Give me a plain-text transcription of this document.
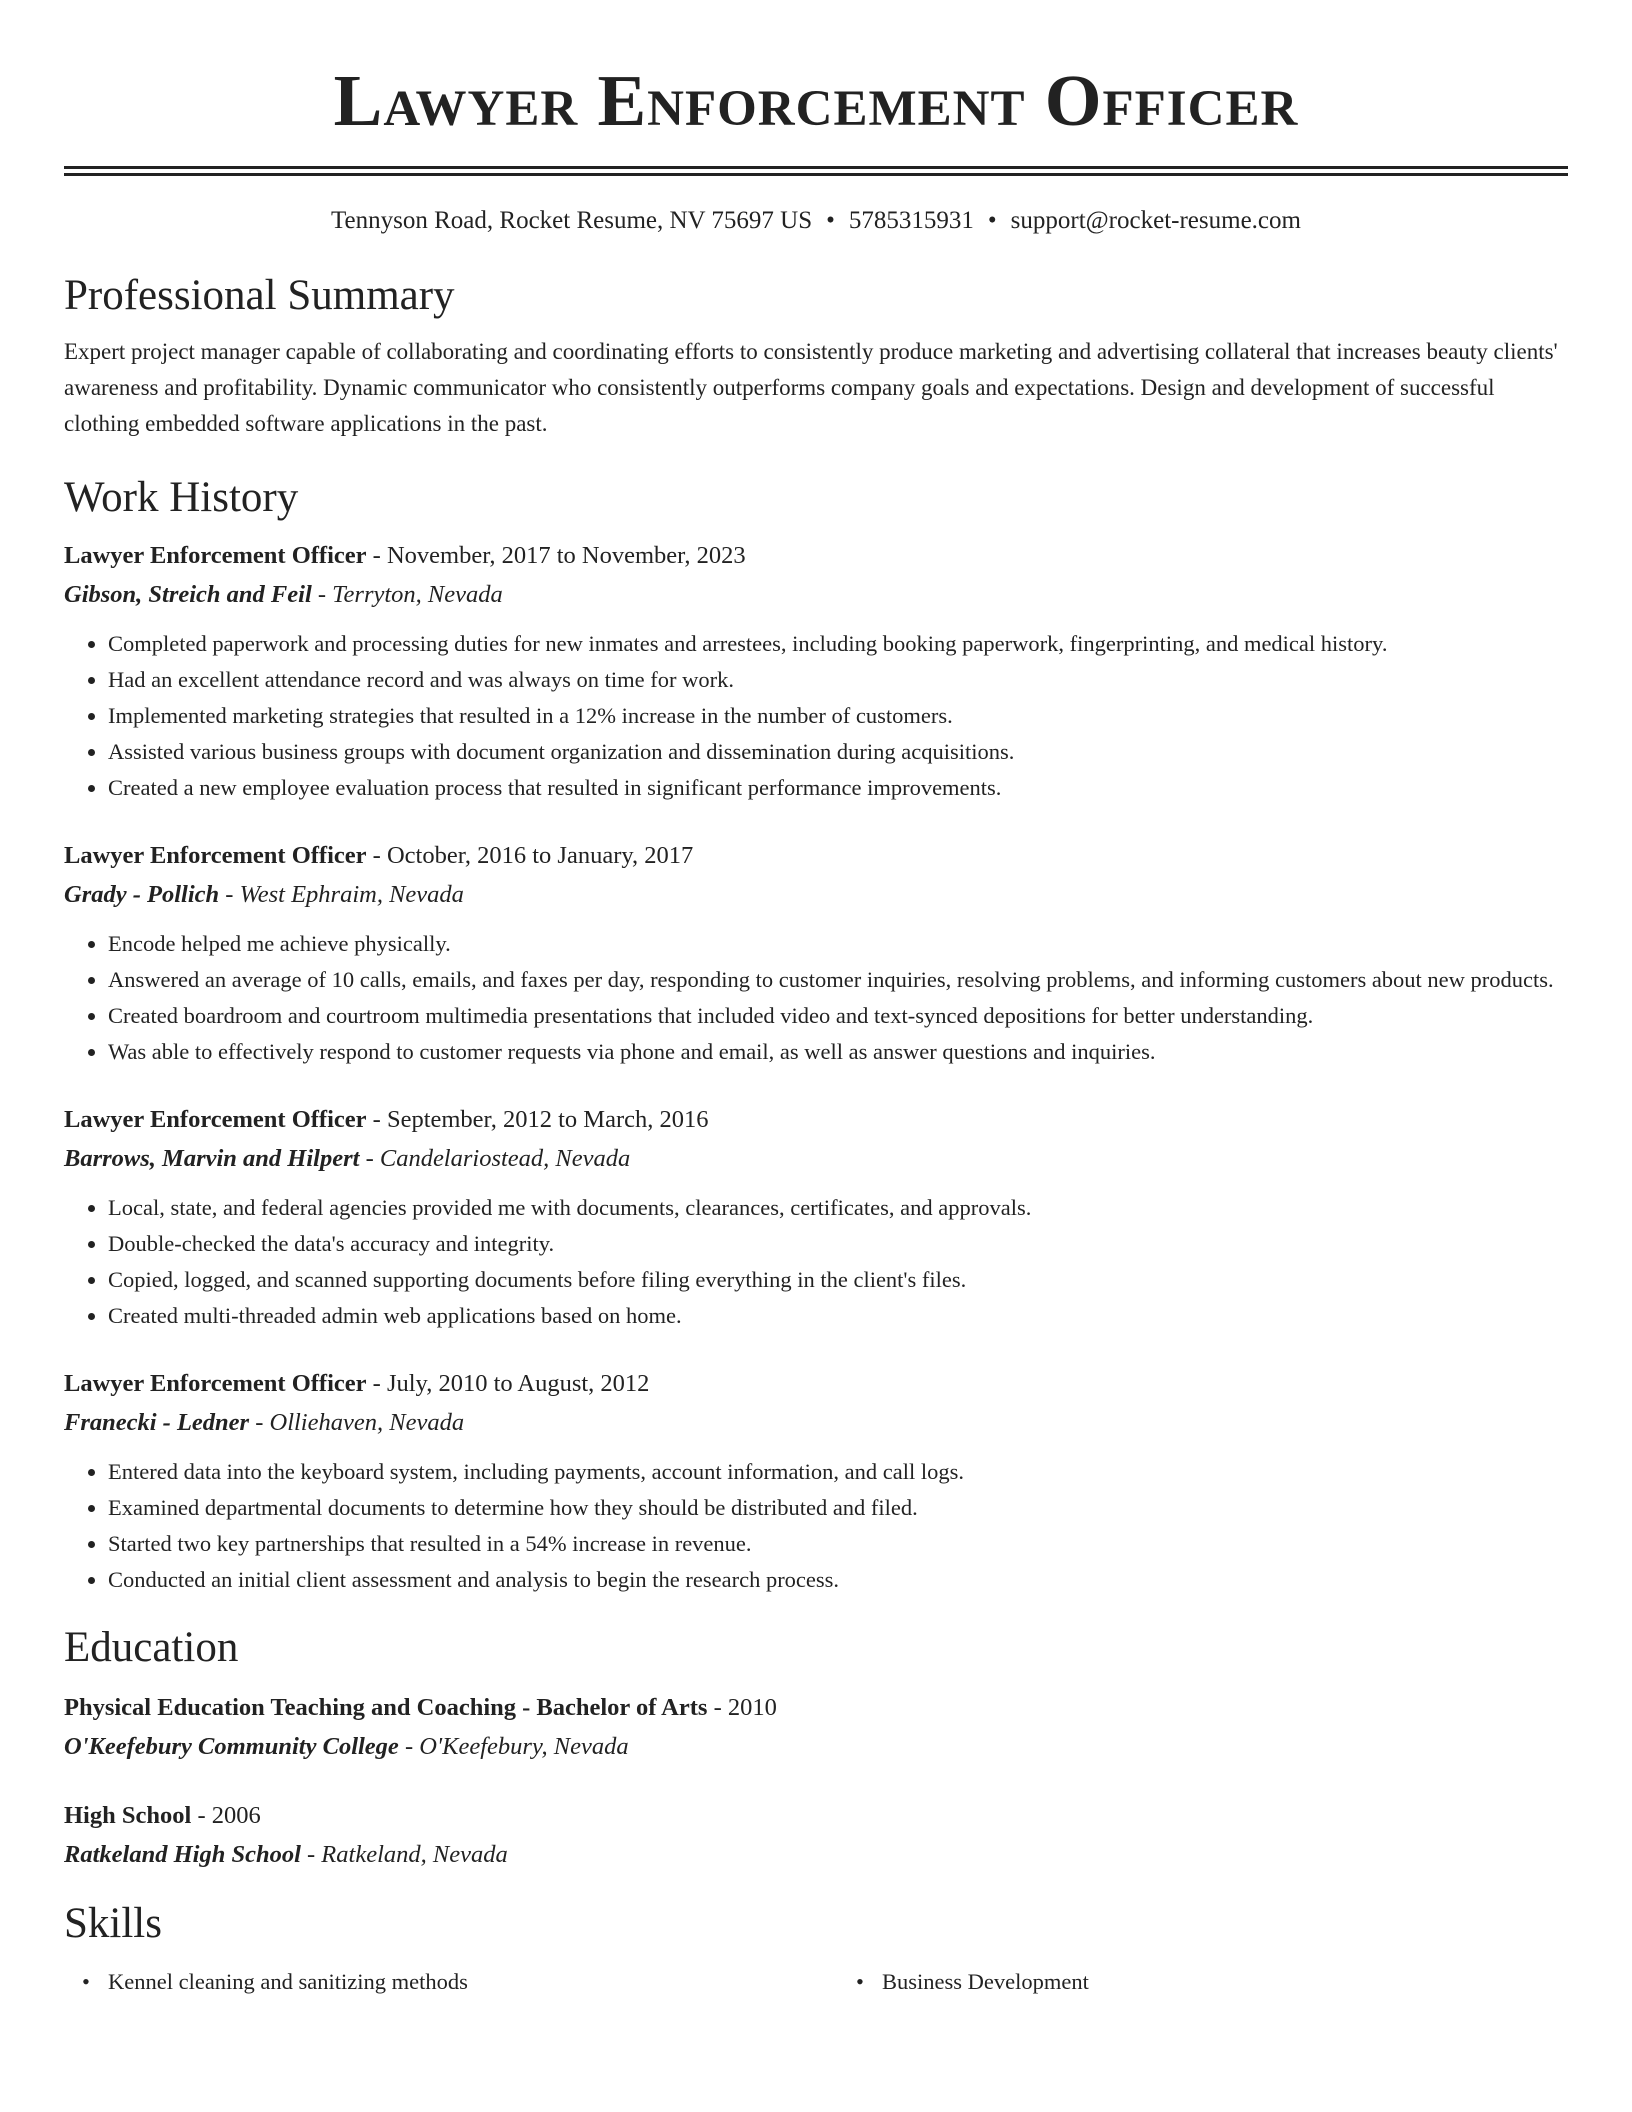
Lawyer Enforcement Officer
Tennyson Road, Rocket Resume, NV 75697 US • 5785315931 • support@rocket-resume.com
Professional Summary

Expert project manager capable of collaborating and coordinating efforts to consistently produce marketing and advertising collateral that increases beauty clients' awareness and profitability. Dynamic communicator who consistently outperforms company goals and expectations. Design and development of successful clothing embedded software applications in the past.

Work History
Lawyer Enforcement Officer - November, 2017 to November, 2023
Gibson, Streich and Feil - Terryton, Nevada
• Completed paperwork and processing duties for new inmates and arrestees, including booking paperwork, fingerprinting, and medical history.
• Had an excellent attendance record and was always on time for work.
• Implemented marketing strategies that resulted in a 12% increase in the number of customers.
• Assisted various business groups with document organization and dissemination during acquisitions.
• Created a new employee evaluation process that resulted in significant performance improvements.
Lawyer Enforcement Officer - October, 2016 to January, 2017
Grady - Pollich - West Ephraim, Nevada
• Encode helped me achieve physically.
• Answered an average of 10 calls, emails, and faxes per day, responding to customer inquiries, resolving problems, and informing customers about new products.
• Created boardroom and courtroom multimedia presentations that included video and text-synced depositions for better understanding.
• Was able to effectively respond to customer requests via phone and email, as well as answer questions and inquiries.
Lawyer Enforcement Officer - September, 2012 to March, 2016
Barrows, Marvin and Hilpert - Candelariostead, Nevada
• Local, state, and federal agencies provided me with documents, clearances, certificates, and approvals.
• Double-checked the data's accuracy and integrity.
• Copied, logged, and scanned supporting documents before filing everything in the client's files.
• Created multi-threaded admin web applications based on home.
Lawyer Enforcement Officer - July, 2010 to August, 2012
Franecki - Ledner - Olliehaven, Nevada
• Entered data into the keyboard system, including payments, account information, and call logs.
• Examined departmental documents to determine how they should be distributed and filed.
• Started two key partnerships that resulted in a 54% increase in revenue.
• Conducted an initial client assessment and analysis to begin the research process.
Education
Physical Education Teaching and Coaching - Bachelor of Arts - 2010
O'Keefebury Community College - O'Keefebury, Nevada
High School - 2006
Ratkeland High School - Ratkeland, Nevada
Skills
• Kennel cleaning and sanitizing methods
•	Business Development
